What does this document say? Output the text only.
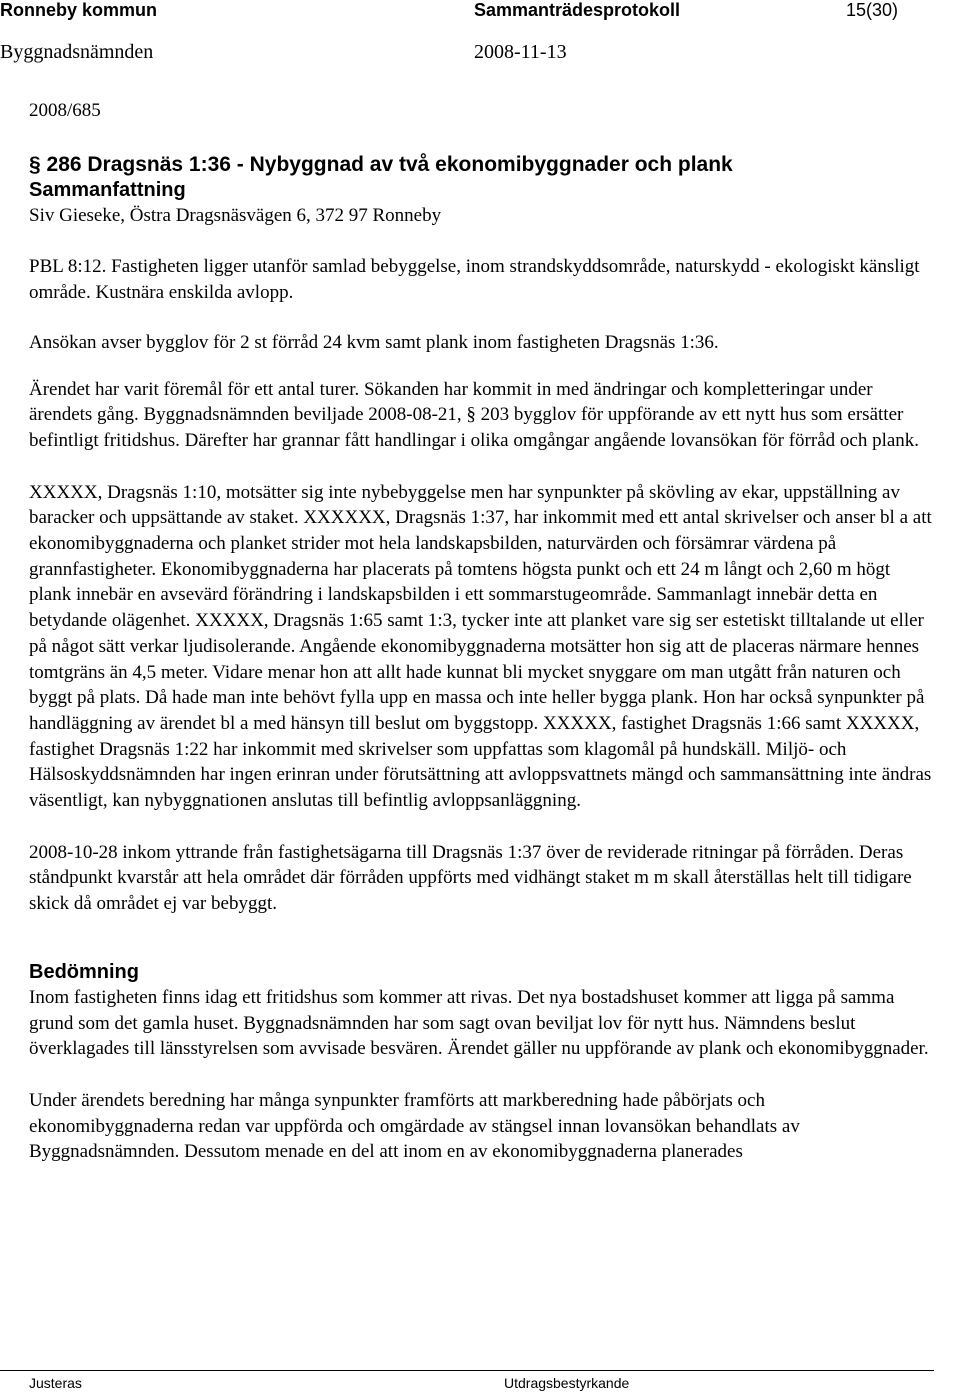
Ronneby kommun	Sammanträdesprotokoll	15(30)
Byggnadsnämnden	2008-11-13

2008/685

§ 286 Dragsnäs 1:36 - Nybyggnad av två ekonomibyggnader och plank

Sammanfattning

Siv Gieseke, Östra Dragsnäsvägen 6, 372 97 Ronneby

PBL 8:12. Fastigheten ligger utanför samlad bebyggelse, inom strandskyddsområde, naturskydd - ekologiskt känsligt område. Kustnära enskilda avlopp.

Ansökan avser bygglov för 2 st förråd 24 kvm samt plank inom fastigheten Dragsnäs 1:36.

Ärendet har varit föremål för ett antal turer. Sökanden har kommit in med ändringar och kompletteringar under ärendets gång. Byggnadsnämnden beviljade 2008-08-21, § 203 bygglov för uppförande av ett nytt hus som ersätter befintligt fritidshus. Därefter har grannar fått handlingar i olika omgångar angående lovansökan för förråd och plank.

XXXXX, Dragsnäs 1:10, motsätter sig inte nybebyggelse men har synpunkter på skövling av ekar, uppställning av baracker och uppsättande av staket. XXXXXX, Dragsnäs 1:37, har inkommit med ett antal skrivelser och anser bl a att ekonomibyggnaderna och planket strider mot hela landskapsbilden, naturvärden och försämrar värdena på grannfastigheter. Ekonomibyggnaderna har placerats på tomtens högsta punkt och ett 24 m långt och 2,60 m högt plank innebär en avsevärd förändring i landskapsbilden i ett sommarstugeområde. Sammanlagt innebär detta en betydande olägenhet. XXXXX, Dragsnäs 1:65 samt 1:3, tycker inte att planket vare sig ser estetiskt tilltalande ut eller på något sätt verkar ljudisolerande. Angående ekonomibyggnaderna motsätter hon sig att de placeras närmare hennes tomtgräns än 4,5 meter. Vidare menar hon att allt hade kunnat bli mycket snyggare om man utgått från naturen och byggt på plats. Då hade man inte behövt fylla upp en massa och inte heller bygga plank. Hon har också synpunkter på handläggning av ärendet bl a med hänsyn till beslut om byggstopp. XXXXX, fastighet Dragsnäs 1:66 samt XXXXX, fastighet Dragsnäs 1:22 har inkommit med skrivelser som uppfattas som klagomål på hundskäll. Miljö- och Hälsoskyddsnämnden har ingen erinran under förutsättning att avloppsvattnets mängd och sammansättning inte ändras väsentligt, kan nybyggnationen anslutas till befintlig avloppsanläggning.

2008-10-28 inkom yttrande från fastighetsägarna till Dragsnäs 1:37 över de reviderade ritningar på förråden. Deras ståndpunkt kvarstår att hela området där förråden uppförts med vidhängt staket m m skall återställas helt till tidigare skick då området ej var bebyggt.

Bedömning

Inom fastigheten finns idag ett fritidshus som kommer att rivas. Det nya bostadshuset kommer att ligga på samma grund som det gamla huset. Byggnadsnämnden har som sagt ovan beviljat lov för nytt hus. Nämndens beslut överklagades till länsstyrelsen som avvisade besvären. Ärendet gäller nu uppförande av plank och ekonomibyggnader.

Under ärendets beredning har många synpunkter framförts att markberedning hade påbörjats och ekonomibyggnaderna redan var uppförda och omgärdade av stängsel innan lovansökan behandlats av Byggnadsnämnden. Dessutom menade en del att inom en av ekonomibyggnaderna planerades

Justeras	Utdragsbestyrkande
